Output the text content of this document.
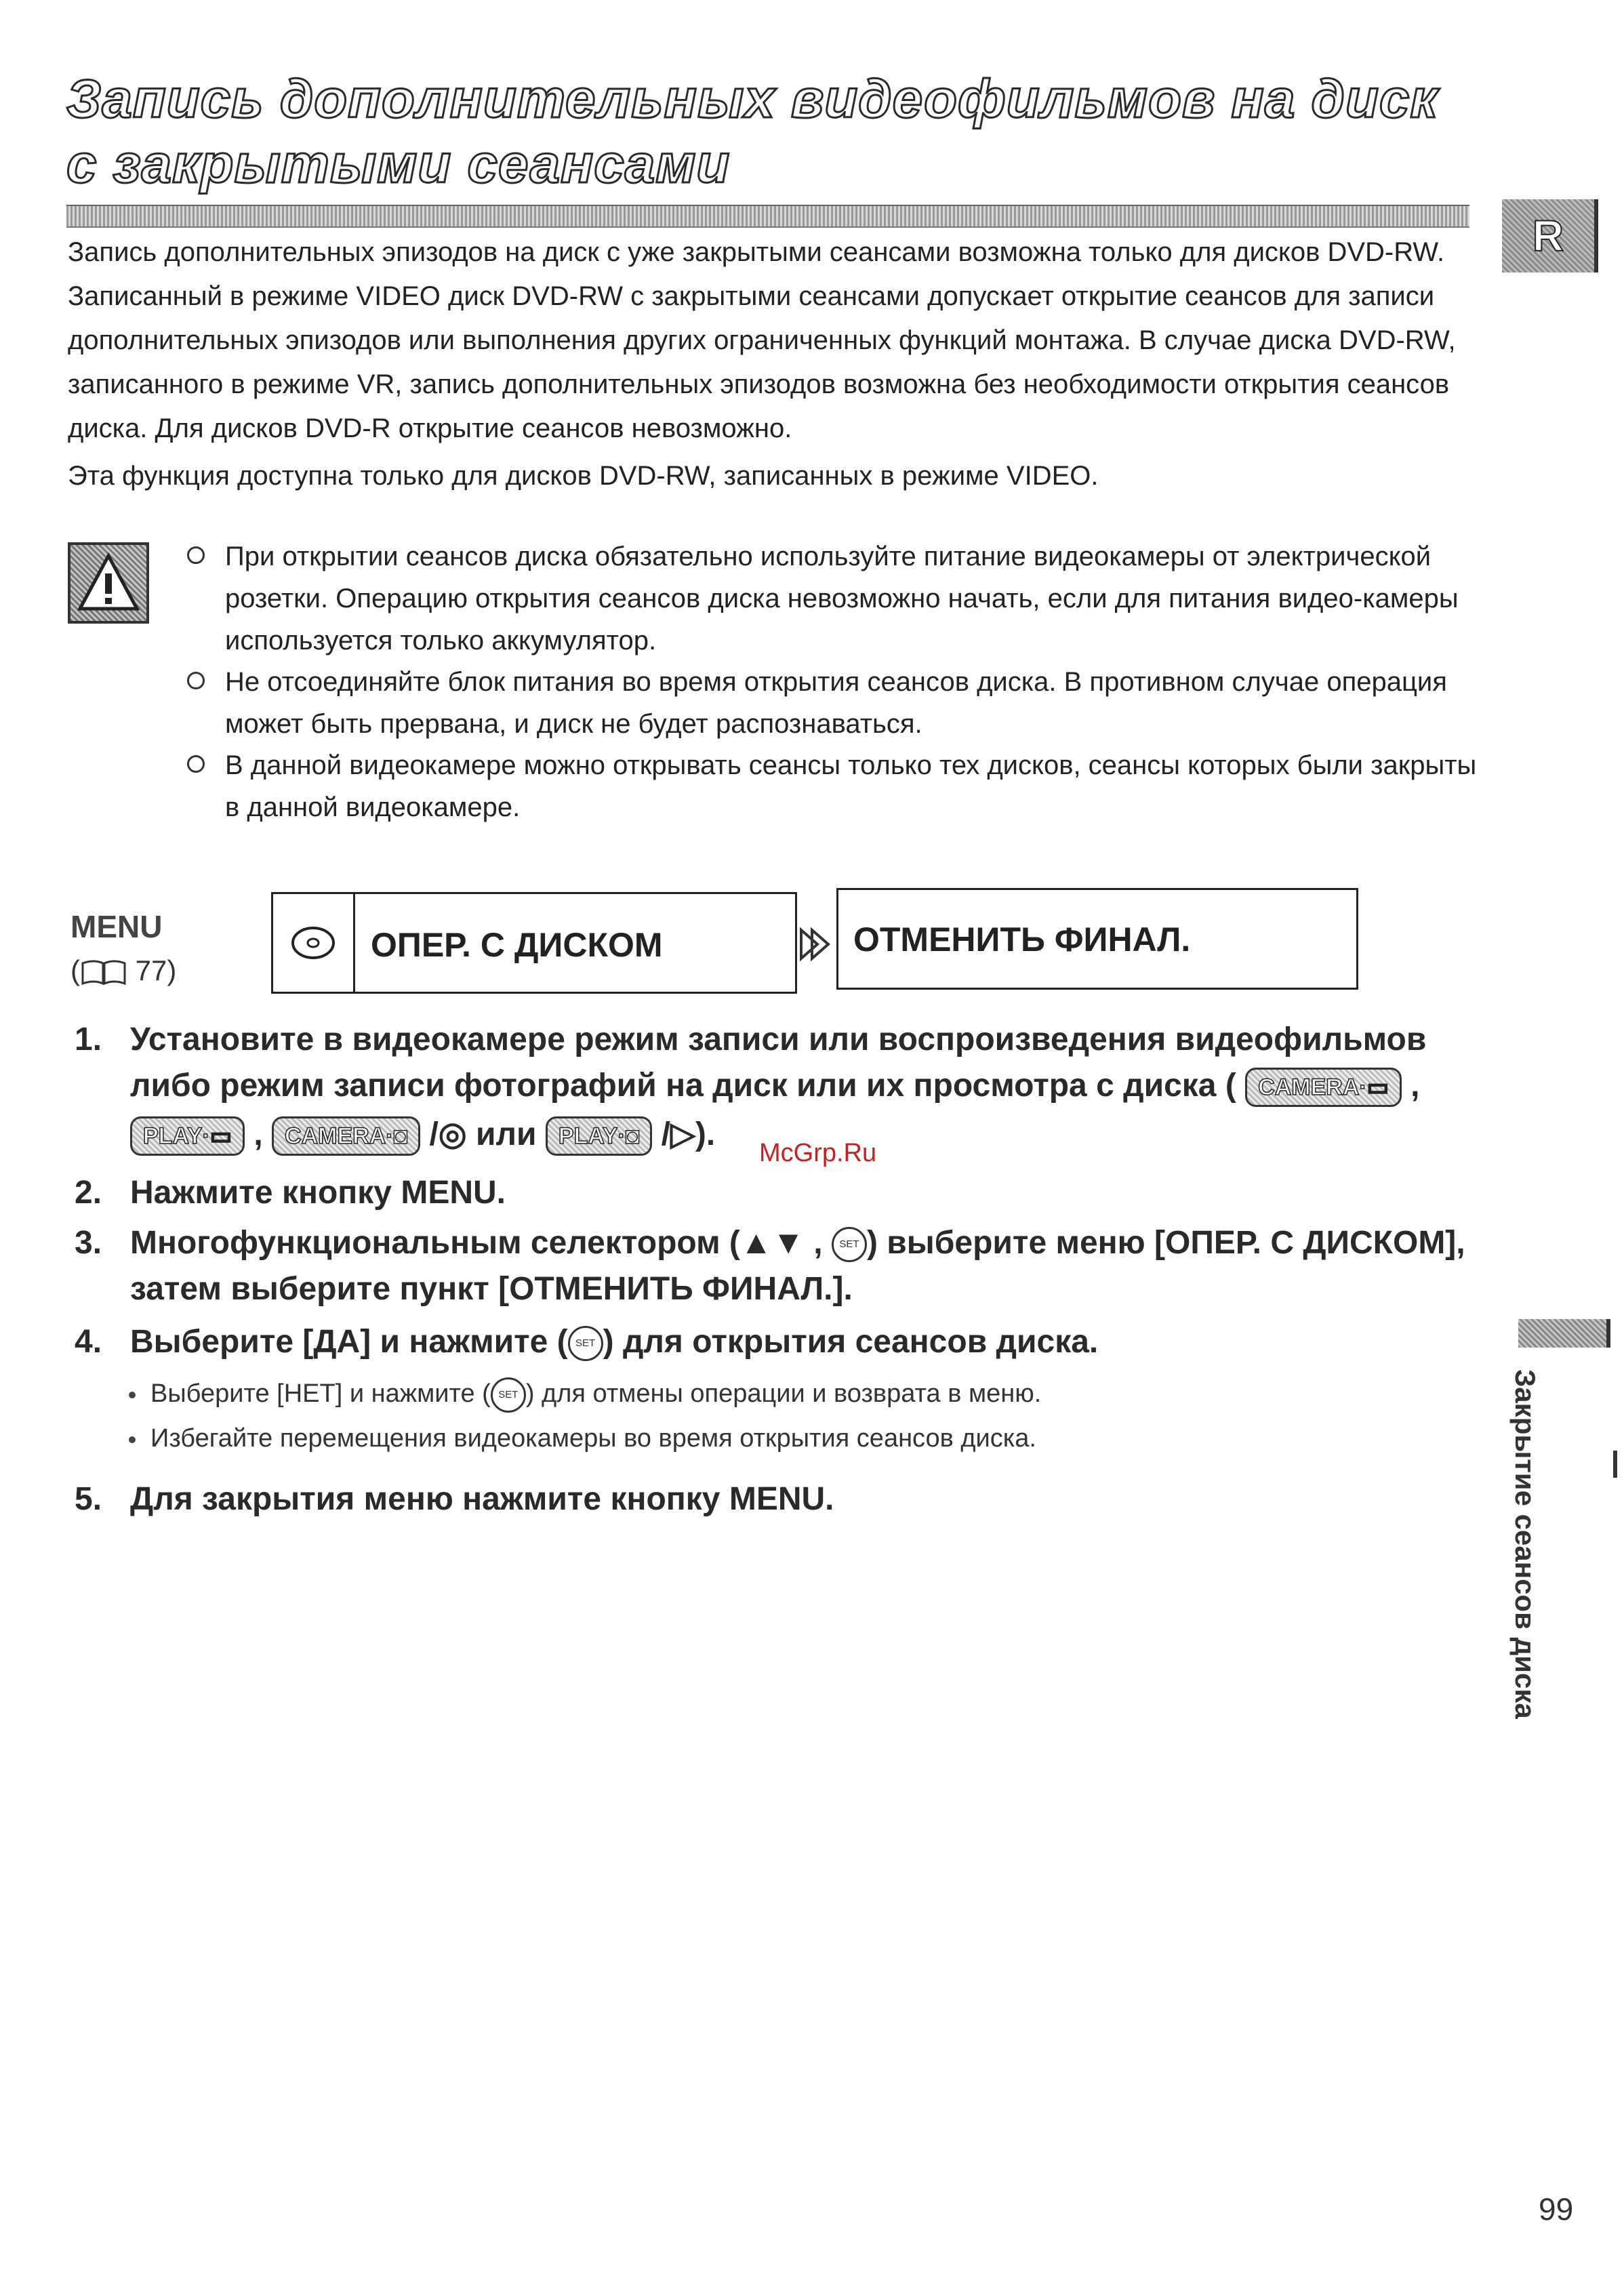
Запись дополнительных видеофильмов на диск
с закрытыми сеансами
R
Запись дополнительных эпизодов на диск с уже закрытыми сеансами возможна только для дисков DVD-RW. Записанный в режиме VIDEO диск DVD-RW с закрытыми сеансами допускает открытие сеансов для записи дополнительных эпизодов или выполнения других ограниченных функций монтажа. В случае диска DVD-RW, записанного в режиме VR, запись дополнительных эпизодов возможна без необходимости открытия сеансов диска. Для дисков DVD-R открытие сеансов невозможно.
Эта функция доступна только для дисков DVD-RW, записанных в режиме VIDEO.
При открытии сеансов диска обязательно используйте питание видеокамеры от электрической розетки. Операцию открытия сеансов диска невозможно начать, если для питания видео-камеры используется только аккумулятор.
Не отсоединяйте блок питания во время открытия сеансов диска. В противном случае операция может быть прервана, и диск не будет распознаваться.
В данной видеокамере можно открывать сеансы только тех дисков, сеансы которых были закрыты в данной видеокамере.
MENU
( 77)
ОПЕР. С ДИСКОМ	ОТМЕНИТЬ ФИНАЛ.
1. Установите в видеокамере режим записи или воспроизведения видеофильмов
либо режим записи фотографий на диск или их просмотра с диска ( CAMERA·▭ ,
PLAY·▭ , CAMERA·◘ /◎ или PLAY·◘ /▷).
McGrp.Ru
2. Нажмите кнопку MENU.
3. Многофункциональным селектором (▲▼ , SET ) выберите меню [ОПЕР. С ДИСКОМ],
затем выберите пункт [ОТМЕНИТЬ ФИНАЛ.].
4. Выберите [ДА] и нажмите ( SET ) для открытия сеансов диска.
Выберите [НЕТ] и нажмите ( SET ) для отмены операции и возврата в меню.
Избегайте перемещения видеокамеры во время открытия сеансов диска.
5. Для закрытия меню нажмите кнопку MENU.	Закрытие сеансов диска
99
